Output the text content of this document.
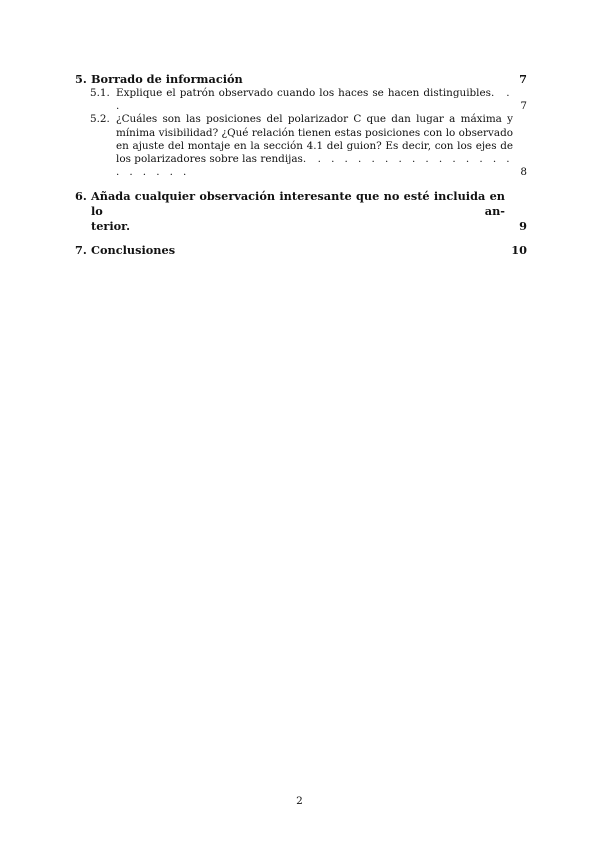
5. Borrado de información	7
5.1. Explique el patrón observado cuando los haces se hacen distinguibles. . .	7
5.2. ¿Cuáles son las posiciones del polarizador C que dan lugar a máxima y
mínima visibilidad? ¿Qué relación tienen estas posiciones con lo observado
en ajuste del montaje en la sección 4.1 del guion? Es decir, con los ejes de
los polarizadores sobre las rendijas. . . . . . . . . . . . . . . . . . . . . .	8
6. Añada cualquier observación interesante que no esté incluida en lo an-
terior.	9
7. Conclusiones	10
2
